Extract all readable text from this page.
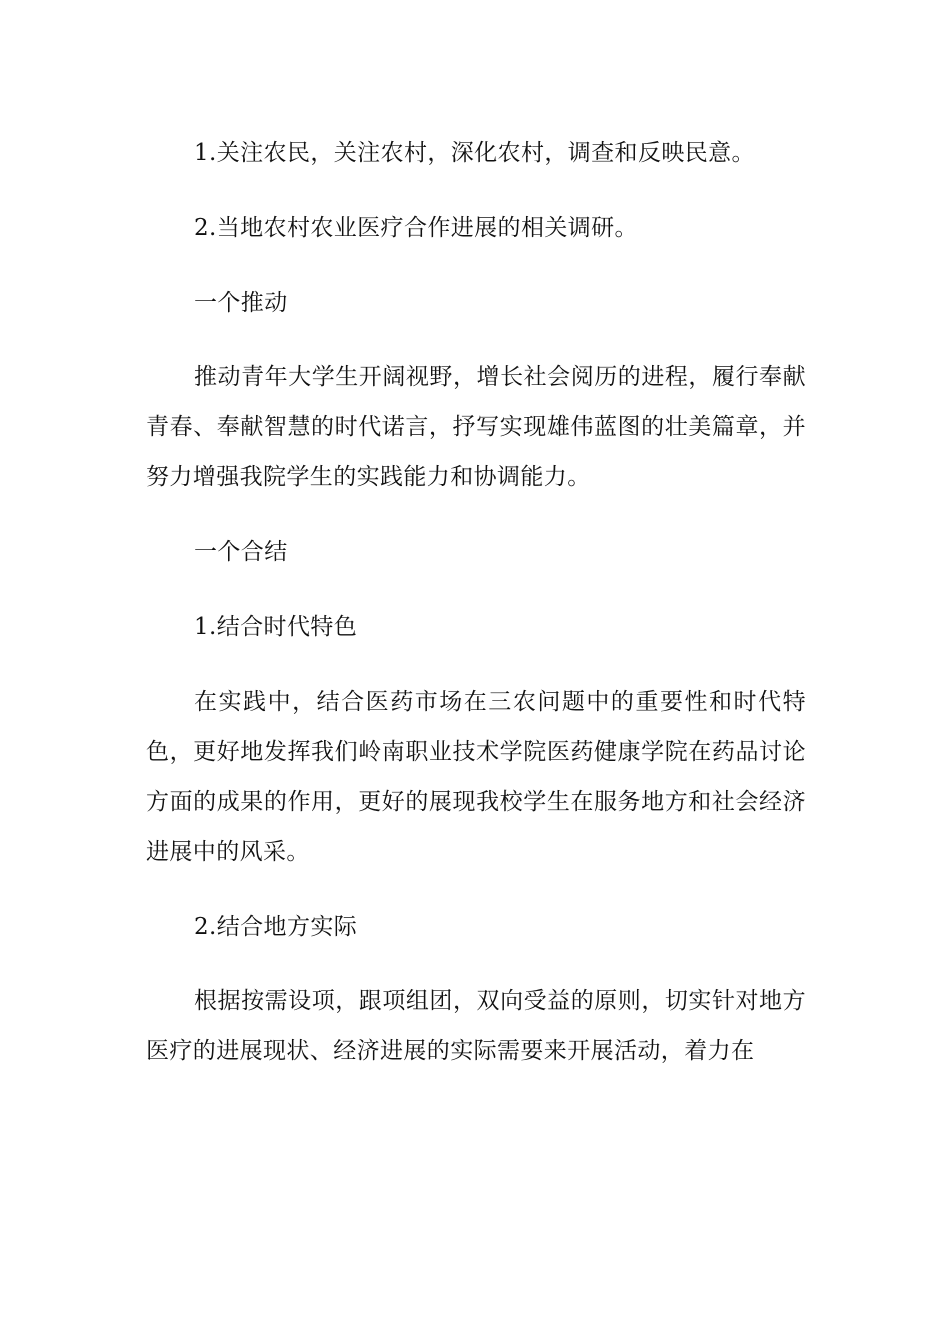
1.关注农民，关注农村，深化农村，调查和反映民意。

2.当地农村农业医疗合作进展的相关调研。

一个推动

推动青年大学生开阔视野，增长社会阅历的进程，履行奉献青春、奉献智慧的时代诺言，抒写实现雄伟蓝图的壮美篇章，并努力增强我院学生的实践能力和协调能力。

一个合结

1.结合时代特色

在实践中，结合医药市场在三农问题中的重要性和时代特色，更好地发挥我们岭南职业技术学院医药健康学院在药品讨论方面的成果的作用，更好的展现我校学生在服务地方和社会经济进展中的风采。

2.结合地方实际

根据按需设项，跟项组团，双向受益的原则，切实针对地方医疗的进展现状、经济进展的实际需要来开展活动，着力在
